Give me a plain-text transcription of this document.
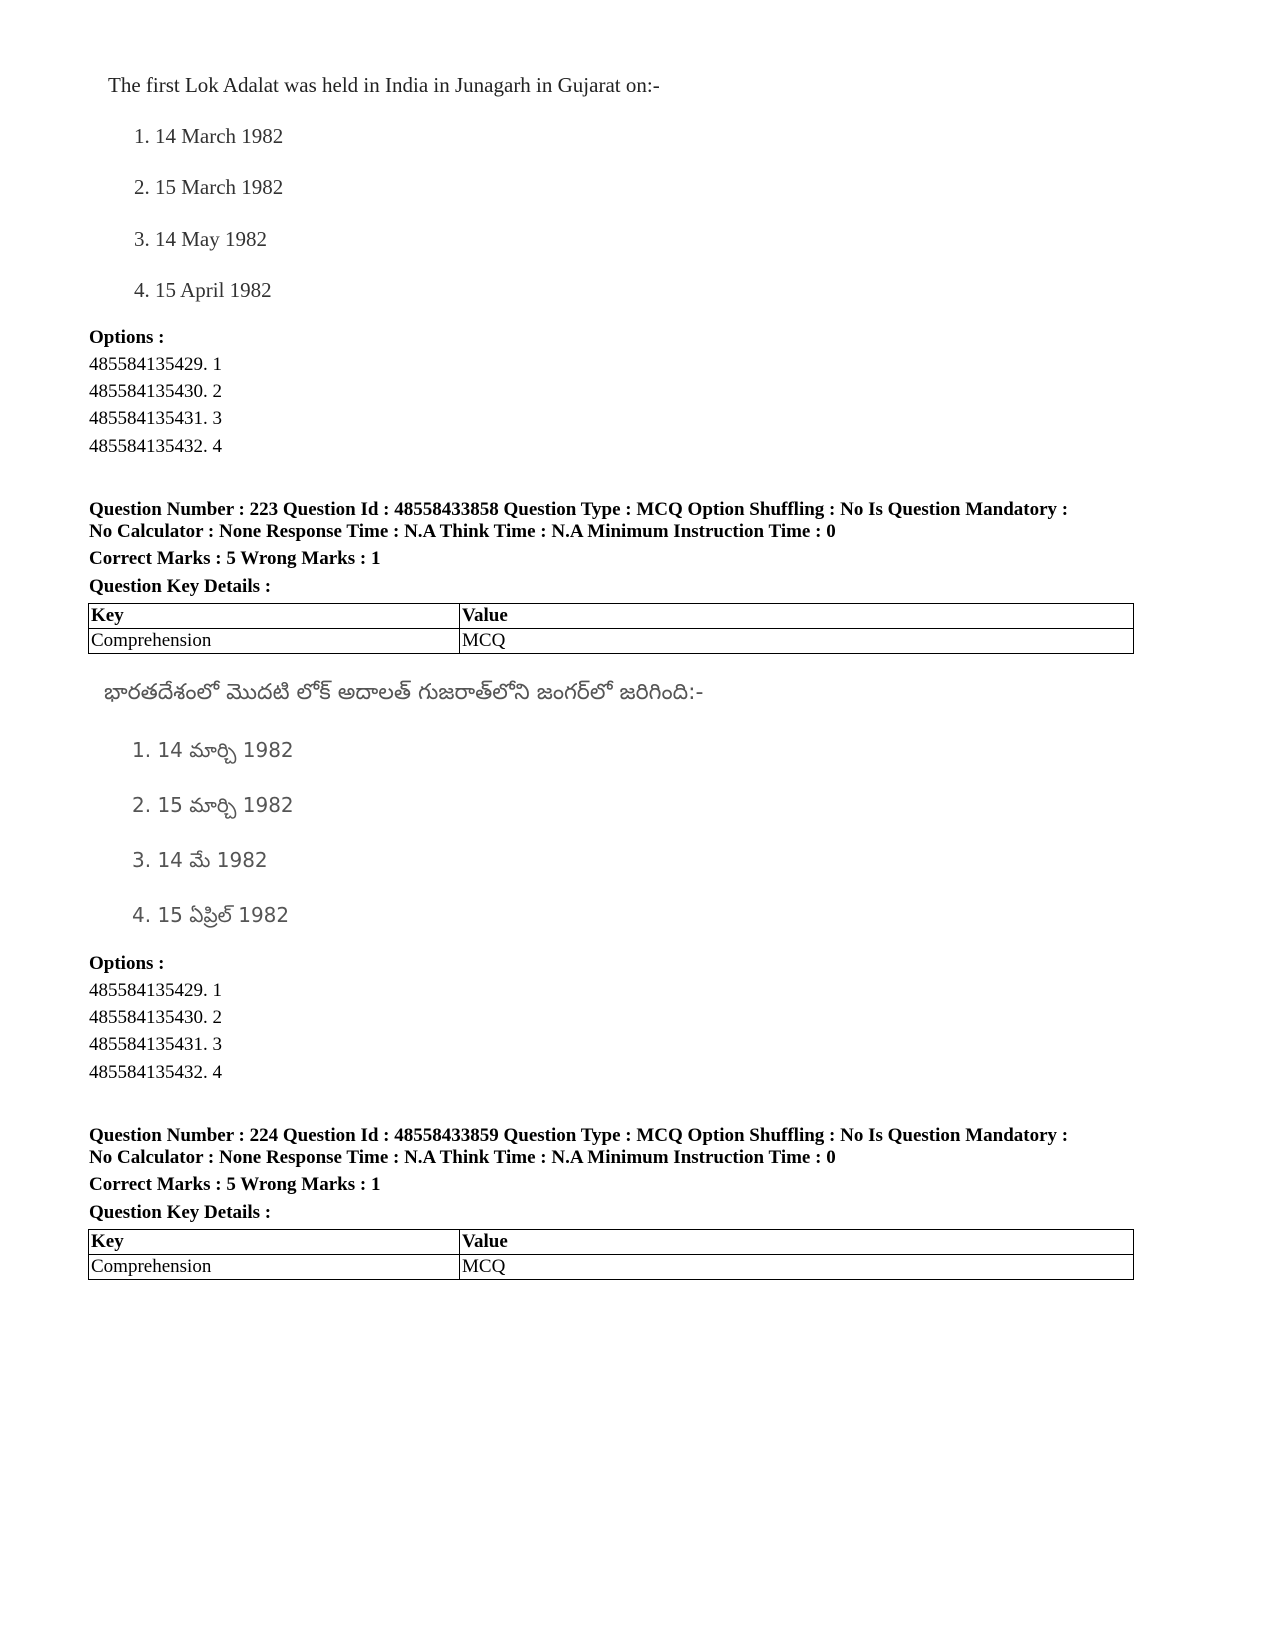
The first Lok Adalat was held in India in Junagarh in Gujarat on:-
1. 14 March 1982
2. 15 March 1982
3. 14 May 1982
4. 15 April 1982
Options :
485584135429. 1
485584135430. 2
485584135431. 3
485584135432. 4
Question Number : 223 Question Id : 48558433858 Question Type : MCQ Option Shuffling : No Is Question Mandatory :
No Calculator : None Response Time : N.A Think Time : N.A Minimum Instruction Time : 0
Correct Marks : 5 Wrong Marks : 1
Question Key Details :
Key	Value
Comprehension	MCQ
భారతదేశంలో మొదటి లోక్ అదాలత్ గుజరాత్‌లోని జంగర్‌లో జరిగింది:-
1. 14 మార్చి 1982
2. 15 మార్చి 1982
3. 14 మే 1982
4. 15 ఏప్రిల్ 1982
Options :
485584135429. 1
485584135430. 2
485584135431. 3
485584135432. 4
Question Number : 224 Question Id : 48558433859 Question Type : MCQ Option Shuffling : No Is Question Mandatory :
No Calculator : None Response Time : N.A Think Time : N.A Minimum Instruction Time : 0
Correct Marks : 5 Wrong Marks : 1
Question Key Details :
Key	Value
Comprehension	MCQ
